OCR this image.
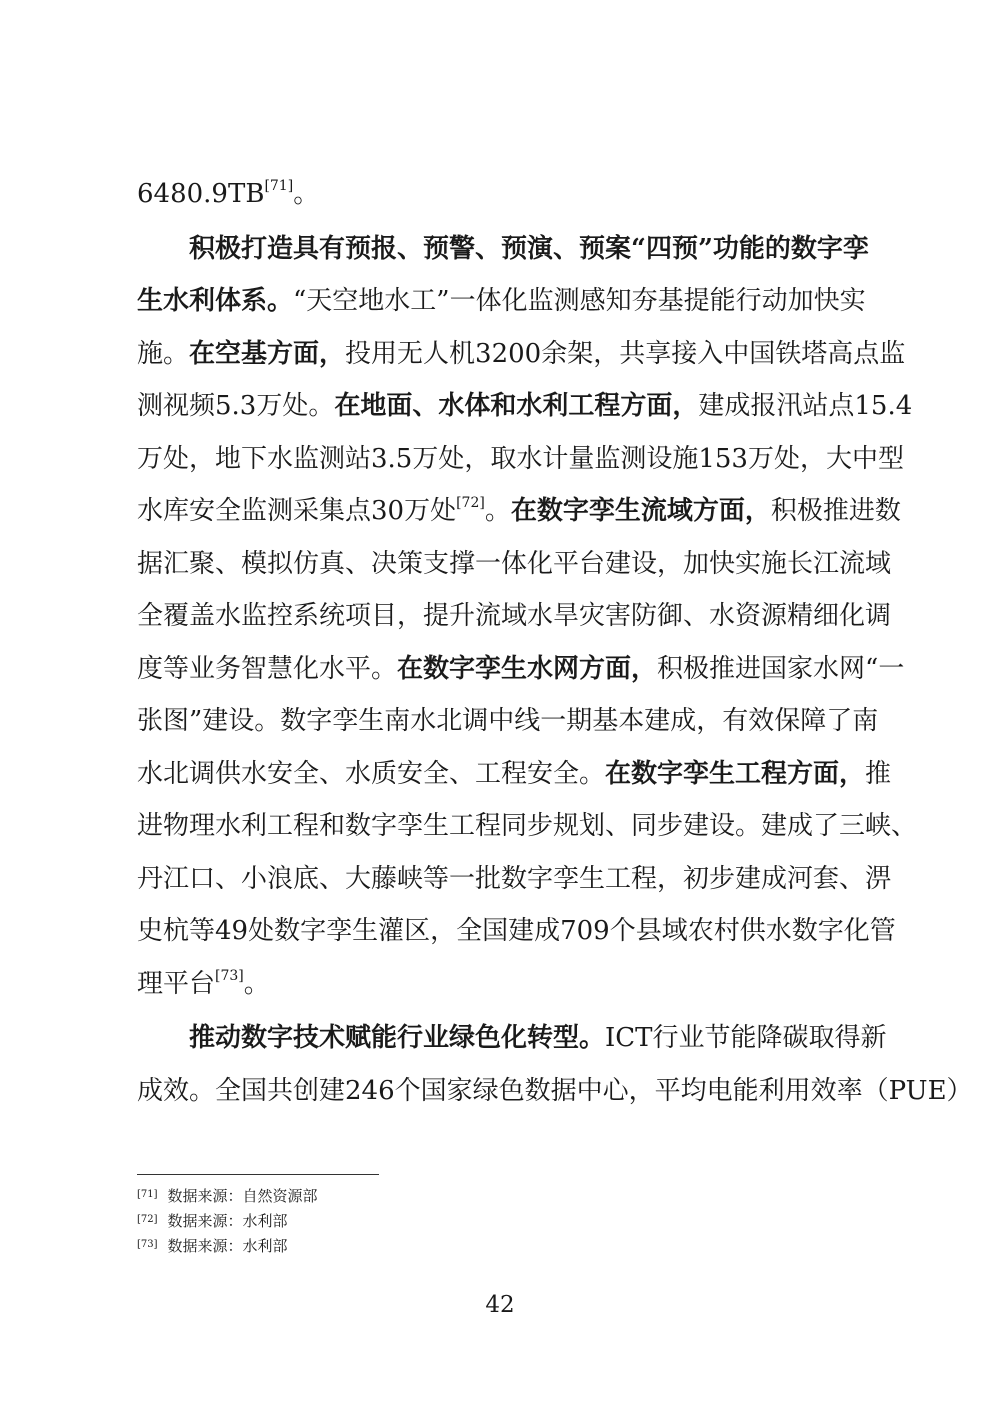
6480.9TB[71]。
积极打造具有预报、预警、预演、预案“四预”功能的数字孪
生水利体系。“天空地水工”一体化监测感知夯基提能行动加快实
施。在空基方面，投用无人机3200余架，共享接入中国铁塔高点监
测视频5.3万处。在地面、水体和水利工程方面，建成报汛站点15.4
万处，地下水监测站3.5万处，取水计量监测设施153万处，大中型
水库安全监测采集点30万处[72]。在数字孪生流域方面，积极推进数
据汇聚、模拟仿真、决策支撑一体化平台建设，加快实施长江流域
全覆盖水监控系统项目，提升流域水旱灾害防御、水资源精细化调
度等业务智慧化水平。在数字孪生水网方面，积极推进国家水网“一
张图”建设。数字孪生南水北调中线一期基本建成，有效保障了南
水北调供水安全、水质安全、工程安全。在数字孪生工程方面，推
进物理水利工程和数字孪生工程同步规划、同步建设。建成了三峡、
丹江口、小浪底、大藤峡等一批数字孪生工程，初步建成河套、淠
史杭等49处数字孪生灌区，全国建成709个县域农村供水数字化管
理平台[73]。
推动数字技术赋能行业绿色化转型。ICT行业节能降碳取得新
成效。全国共创建246个国家绿色数据中心，平均电能利用效率（PUE）
[71] 数据来源：自然资源部
[72] 数据来源：水利部
[73] 数据来源：水利部
42
